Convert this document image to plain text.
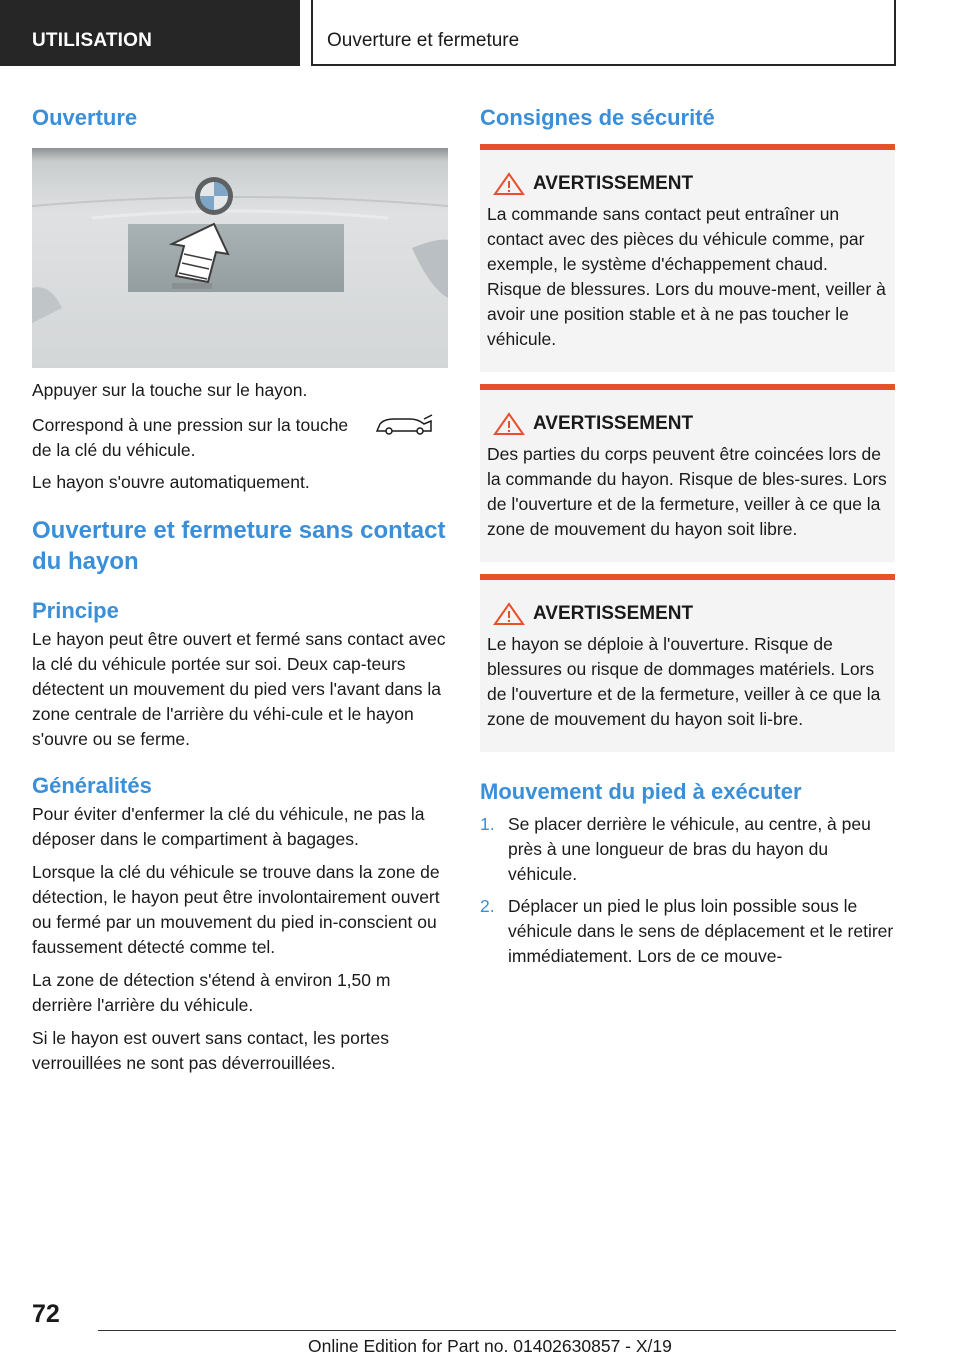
UTILISATION	Ouverture et fermeture
Ouverture

Appuyer sur la touche sur le hayon.

Correspond à une pression sur la touche

de la clé du véhicule.

Le hayon s'ouvre automatiquement.

Ouverture et fermeture sans contact du hayon
Principe

Le hayon peut être ouvert et fermé sans contact avec la clé du véhicule portée sur soi. Deux cap-teurs détectent un mouvement du pied vers l'avant dans la zone centrale de l'arrière du véhi-cule et le hayon s'ouvre ou se ferme.

Généralités

Pour éviter d'enfermer la clé du véhicule, ne pas la déposer dans le compartiment à bagages.

Lorsque la clé du véhicule se trouve dans la zone de détection, le hayon peut être involontairement ouvert ou fermé par un mouvement du pied in-conscient ou faussement détecté comme tel.

La zone de détection s'étend à environ 1,50 m derrière l'arrière du véhicule.

Si le hayon est ouvert sans contact, les portes verrouillées ne sont pas déverrouillées.

Consignes de sécurité
AVERTISSEMENT

La commande sans contact peut entraîner un contact avec des pièces du véhicule comme, par exemple, le système d'échappement chaud. Risque de blessures. Lors du mouve-ment, veiller à avoir une position stable et à ne pas toucher le véhicule.

AVERTISSEMENT

Des parties du corps peuvent être coincées lors de la commande du hayon. Risque de bles-sures. Lors de l'ouverture et de la fermeture, veiller à ce que la zone de mouvement du hayon soit libre.

AVERTISSEMENT

Le hayon se déploie à l'ouverture. Risque de blessures ou risque de dommages matériels. Lors de l'ouverture et de la fermeture, veiller à ce que la zone de mouvement du hayon soit li-bre.

Mouvement du pied à exécuter
1. Se placer derrière le véhicule, au centre, à peu près à une longueur de bras du hayon du véhicule.
2. Déplacer un pied le plus loin possible sous le véhicule dans le sens de déplacement et le retirer immédiatement. Lors de ce mouve-
72
Online Edition for Part no. 01402630857 - X/19
